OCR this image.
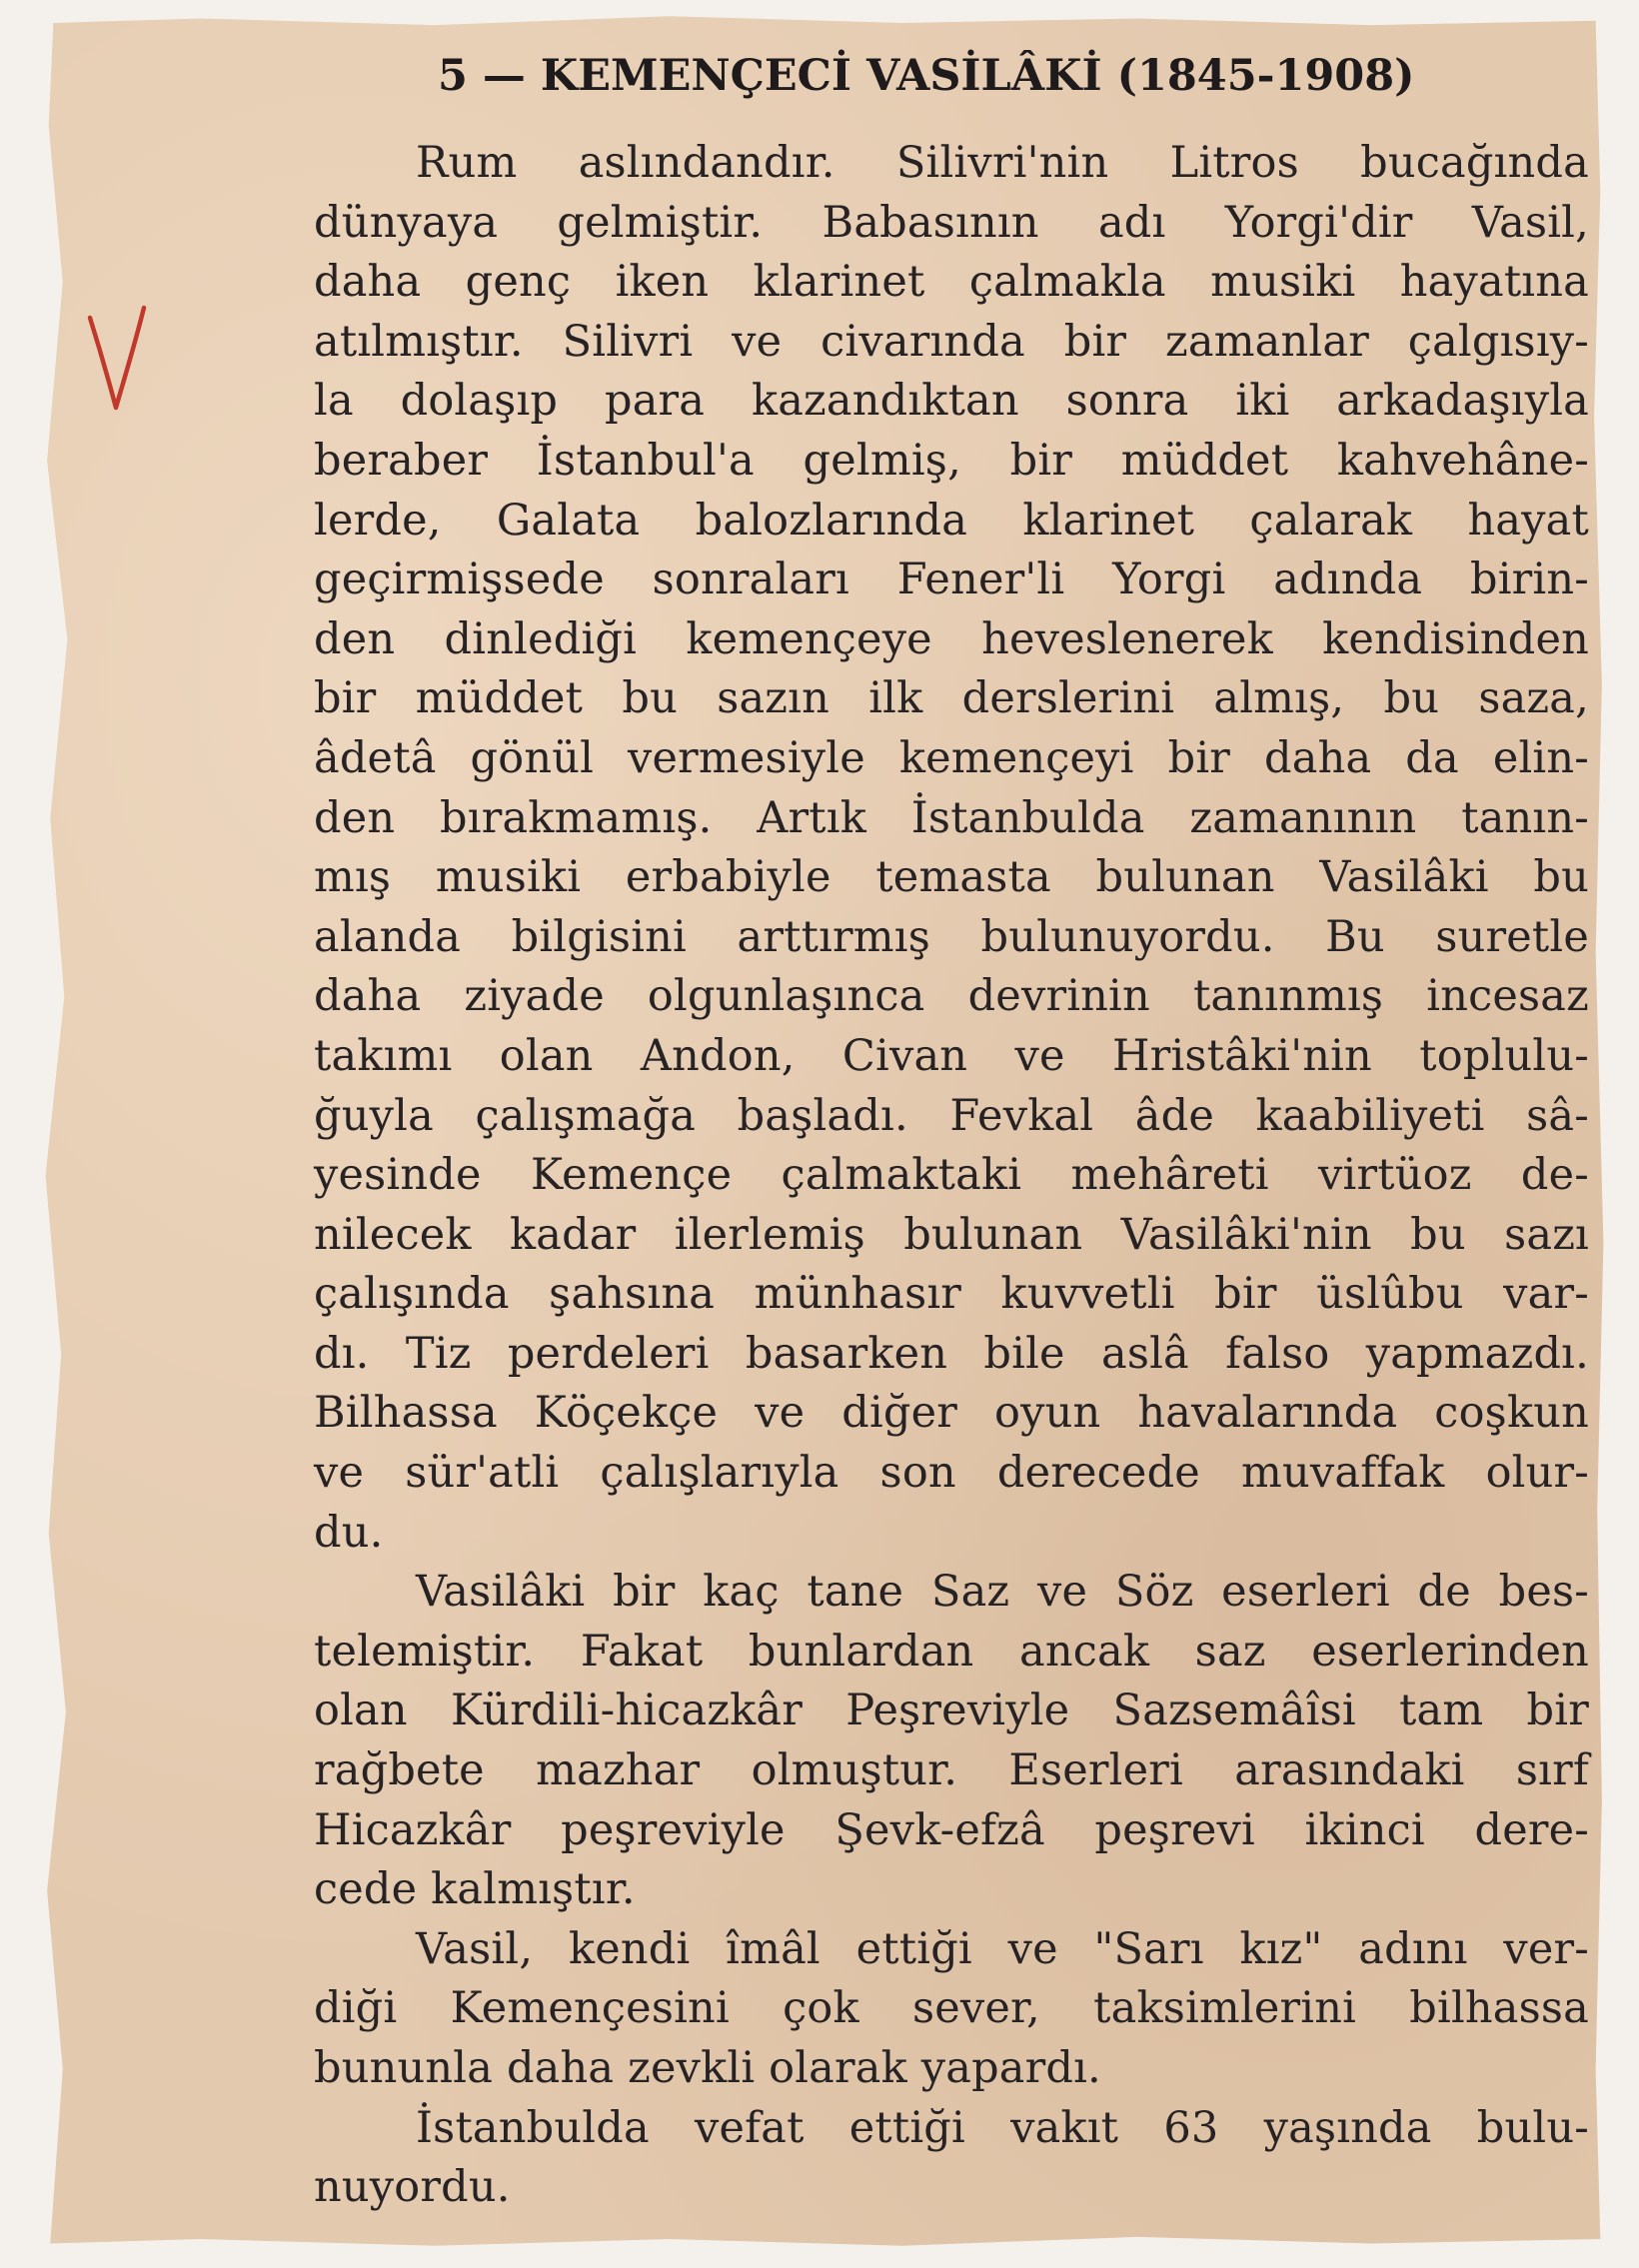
5 — KEMENÇECİ VASİLÂKİ (1845-1908)
Rum aslındandır. Silivri'nin Litros bucağında
dünyaya gelmiştir. Babasının adı Yorgi'dir Vasil,
daha genç iken klarinet çalmakla musiki hayatına
atılmıştır. Silivri ve civarında bir zamanlar çalgısıy-
la dolaşıp para kazandıktan sonra iki arkadaşıyla
beraber İstanbul'a gelmiş, bir müddet kahvehâne-
lerde, Galata balozlarında klarinet çalarak hayat
geçirmişsede sonraları Fener'li Yorgi adında birin-
den dinlediği kemençeye heveslenerek kendisinden
bir müddet bu sazın ilk derslerini almış, bu saza,
âdetâ gönül vermesiyle kemençeyi bir daha da elin-
den bırakmamış. Artık İstanbulda zamanının tanın-
mış musiki erbabiyle temasta bulunan Vasilâki bu
alanda bilgisini arttırmış bulunuyordu. Bu suretle
daha ziyade olgunlaşınca devrinin tanınmış incesaz
takımı olan Andon, Civan ve Hristâki'nin toplulu-
ğuyla çalışmağa başladı. Fevkal âde kaabiliyeti sâ-
yesinde Kemençe çalmaktaki mehâreti virtüoz de-
nilecek kadar ilerlemiş bulunan Vasilâki'nin bu sazı
çalışında şahsına münhasır kuvvetli bir üslûbu var-
dı. Tiz perdeleri basarken bile aslâ falso yapmazdı.
Bilhassa Köçekçe ve diğer oyun havalarında coşkun
ve sür'atli çalışlarıyla son derecede muvaffak olur-
du.
Vasilâki bir kaç tane Saz ve Söz eserleri de bes-
telemiştir. Fakat bunlardan ancak saz eserlerinden
olan Kürdili-hicazkâr Peşreviyle Sazsemâîsi tam bir
rağbete mazhar olmuştur. Eserleri arasındaki sırf
Hicazkâr peşreviyle Şevk-efzâ peşrevi ikinci dere-
cede kalmıştır.
Vasil, kendi îmâl ettiği ve "Sarı kız" adını ver-
diği Kemençesini çok sever, taksimlerini bilhassa
bununla daha zevkli olarak yapardı.
İstanbulda vefat ettiği vakıt 63 yaşında bulu-
nuyordu.
